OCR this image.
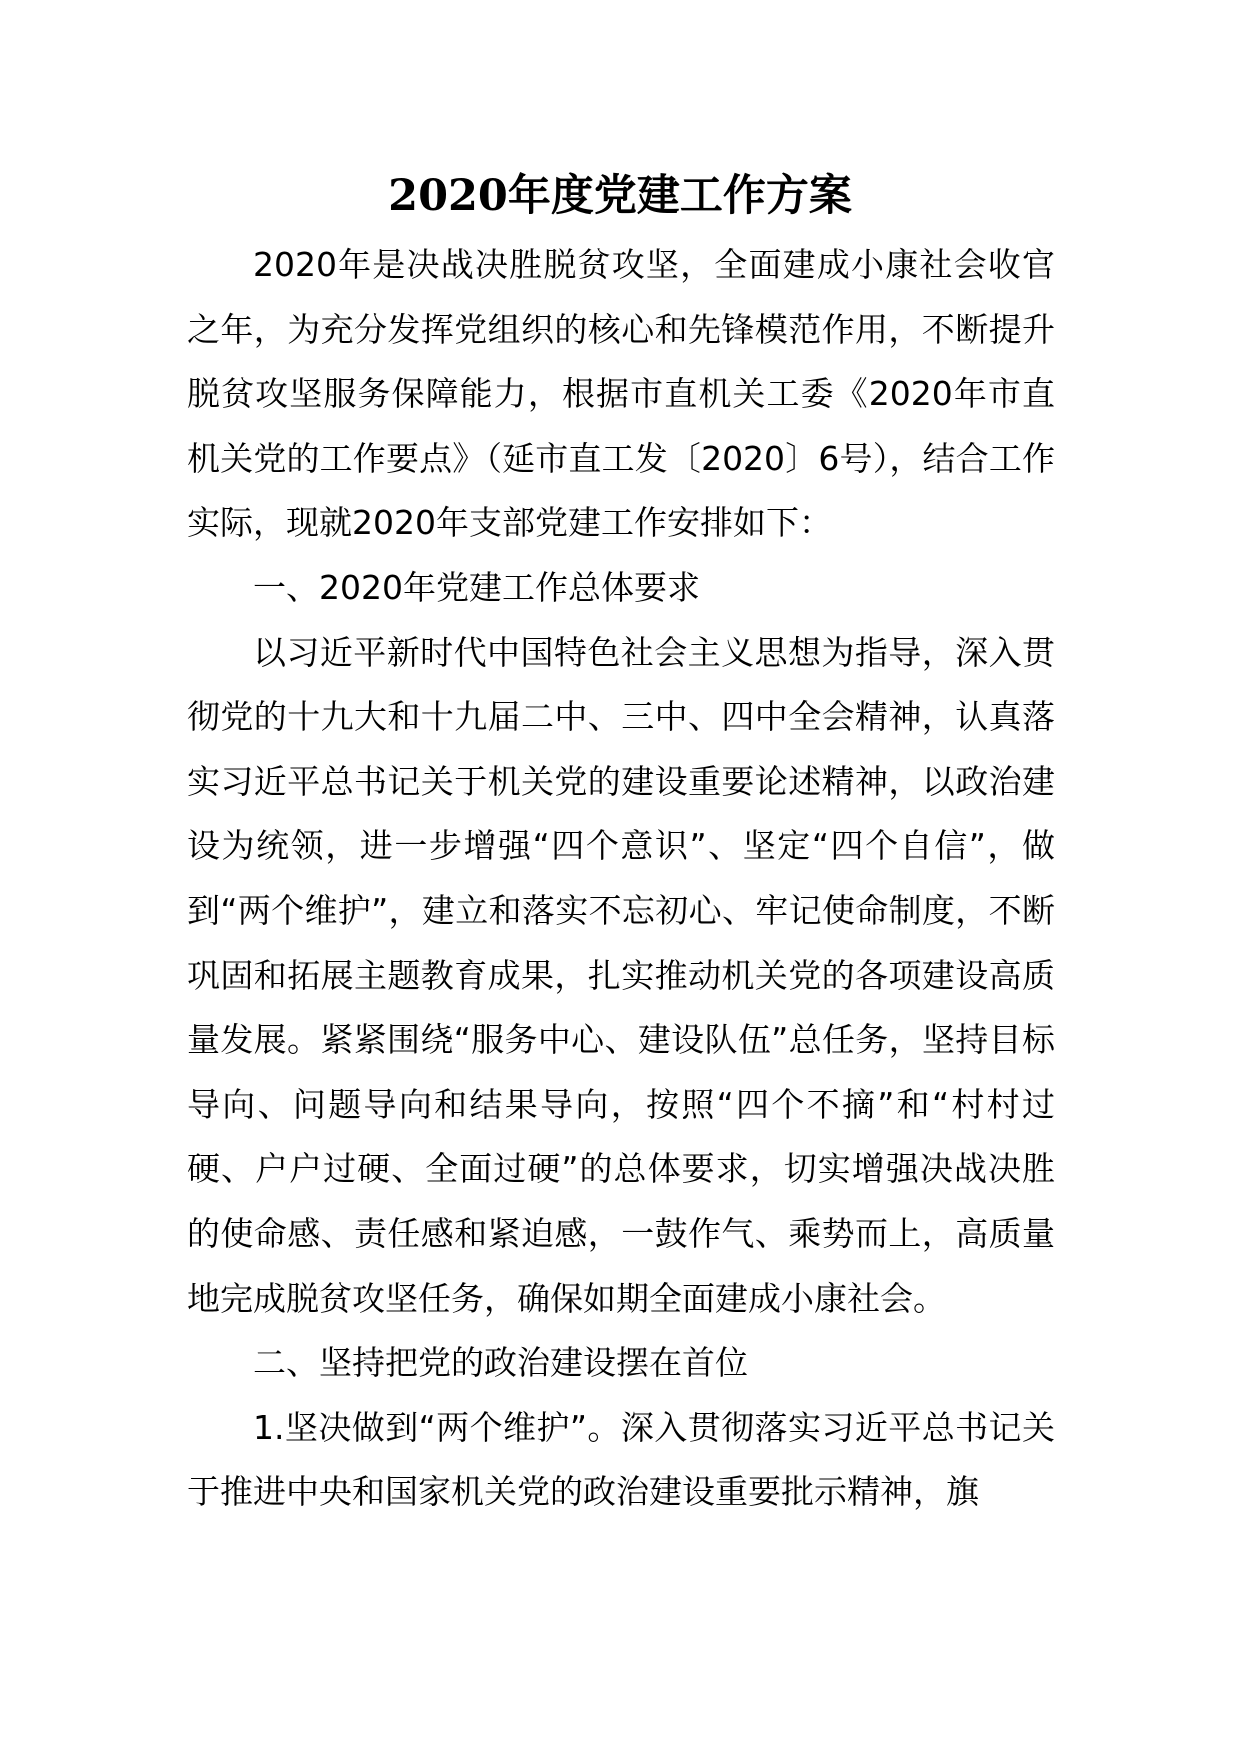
2020年度党建工作方案

2020年是决战决胜脱贫攻坚，全面建成小康社会收官之年，为充分发挥党组织的核心和先锋模范作用，不断提升脱贫攻坚服务保障能力，根据市直机关工委《2020年市直机关党的工作要点》（延市直工发〔2020〕6号），结合工作实际，现就2020年支部党建工作安排如下：

一、2020年党建工作总体要求

以习近平新时代中国特色社会主义思想为指导，深入贯彻党的十九大和十九届二中、三中、四中全会精神，认真落实习近平总书记关于机关党的建设重要论述精神，以政治建设为统领，进一步增强“四个意识”、坚定“四个自信”，做到“两个维护”，建立和落实不忘初心、牢记使命制度，不断巩固和拓展主题教育成果，扎实推动机关党的各项建设高质量发展。紧紧围绕“服务中心、建设队伍”总任务，坚持目标导向、问题导向和结果导向，按照“四个不摘”和“村村过硬、户户过硬、全面过硬”的总体要求，切实增强决战决胜的使命感、责任感和紧迫感，一鼓作气、乘势而上，高质量地完成脱贫攻坚任务，确保如期全面建成小康社会。

二、坚持把党的政治建设摆在首位

1.坚决做到“两个维护”。深入贯彻落实习近平总书记关于推进中央和国家机关党的政治建设重要批示精神，旗
